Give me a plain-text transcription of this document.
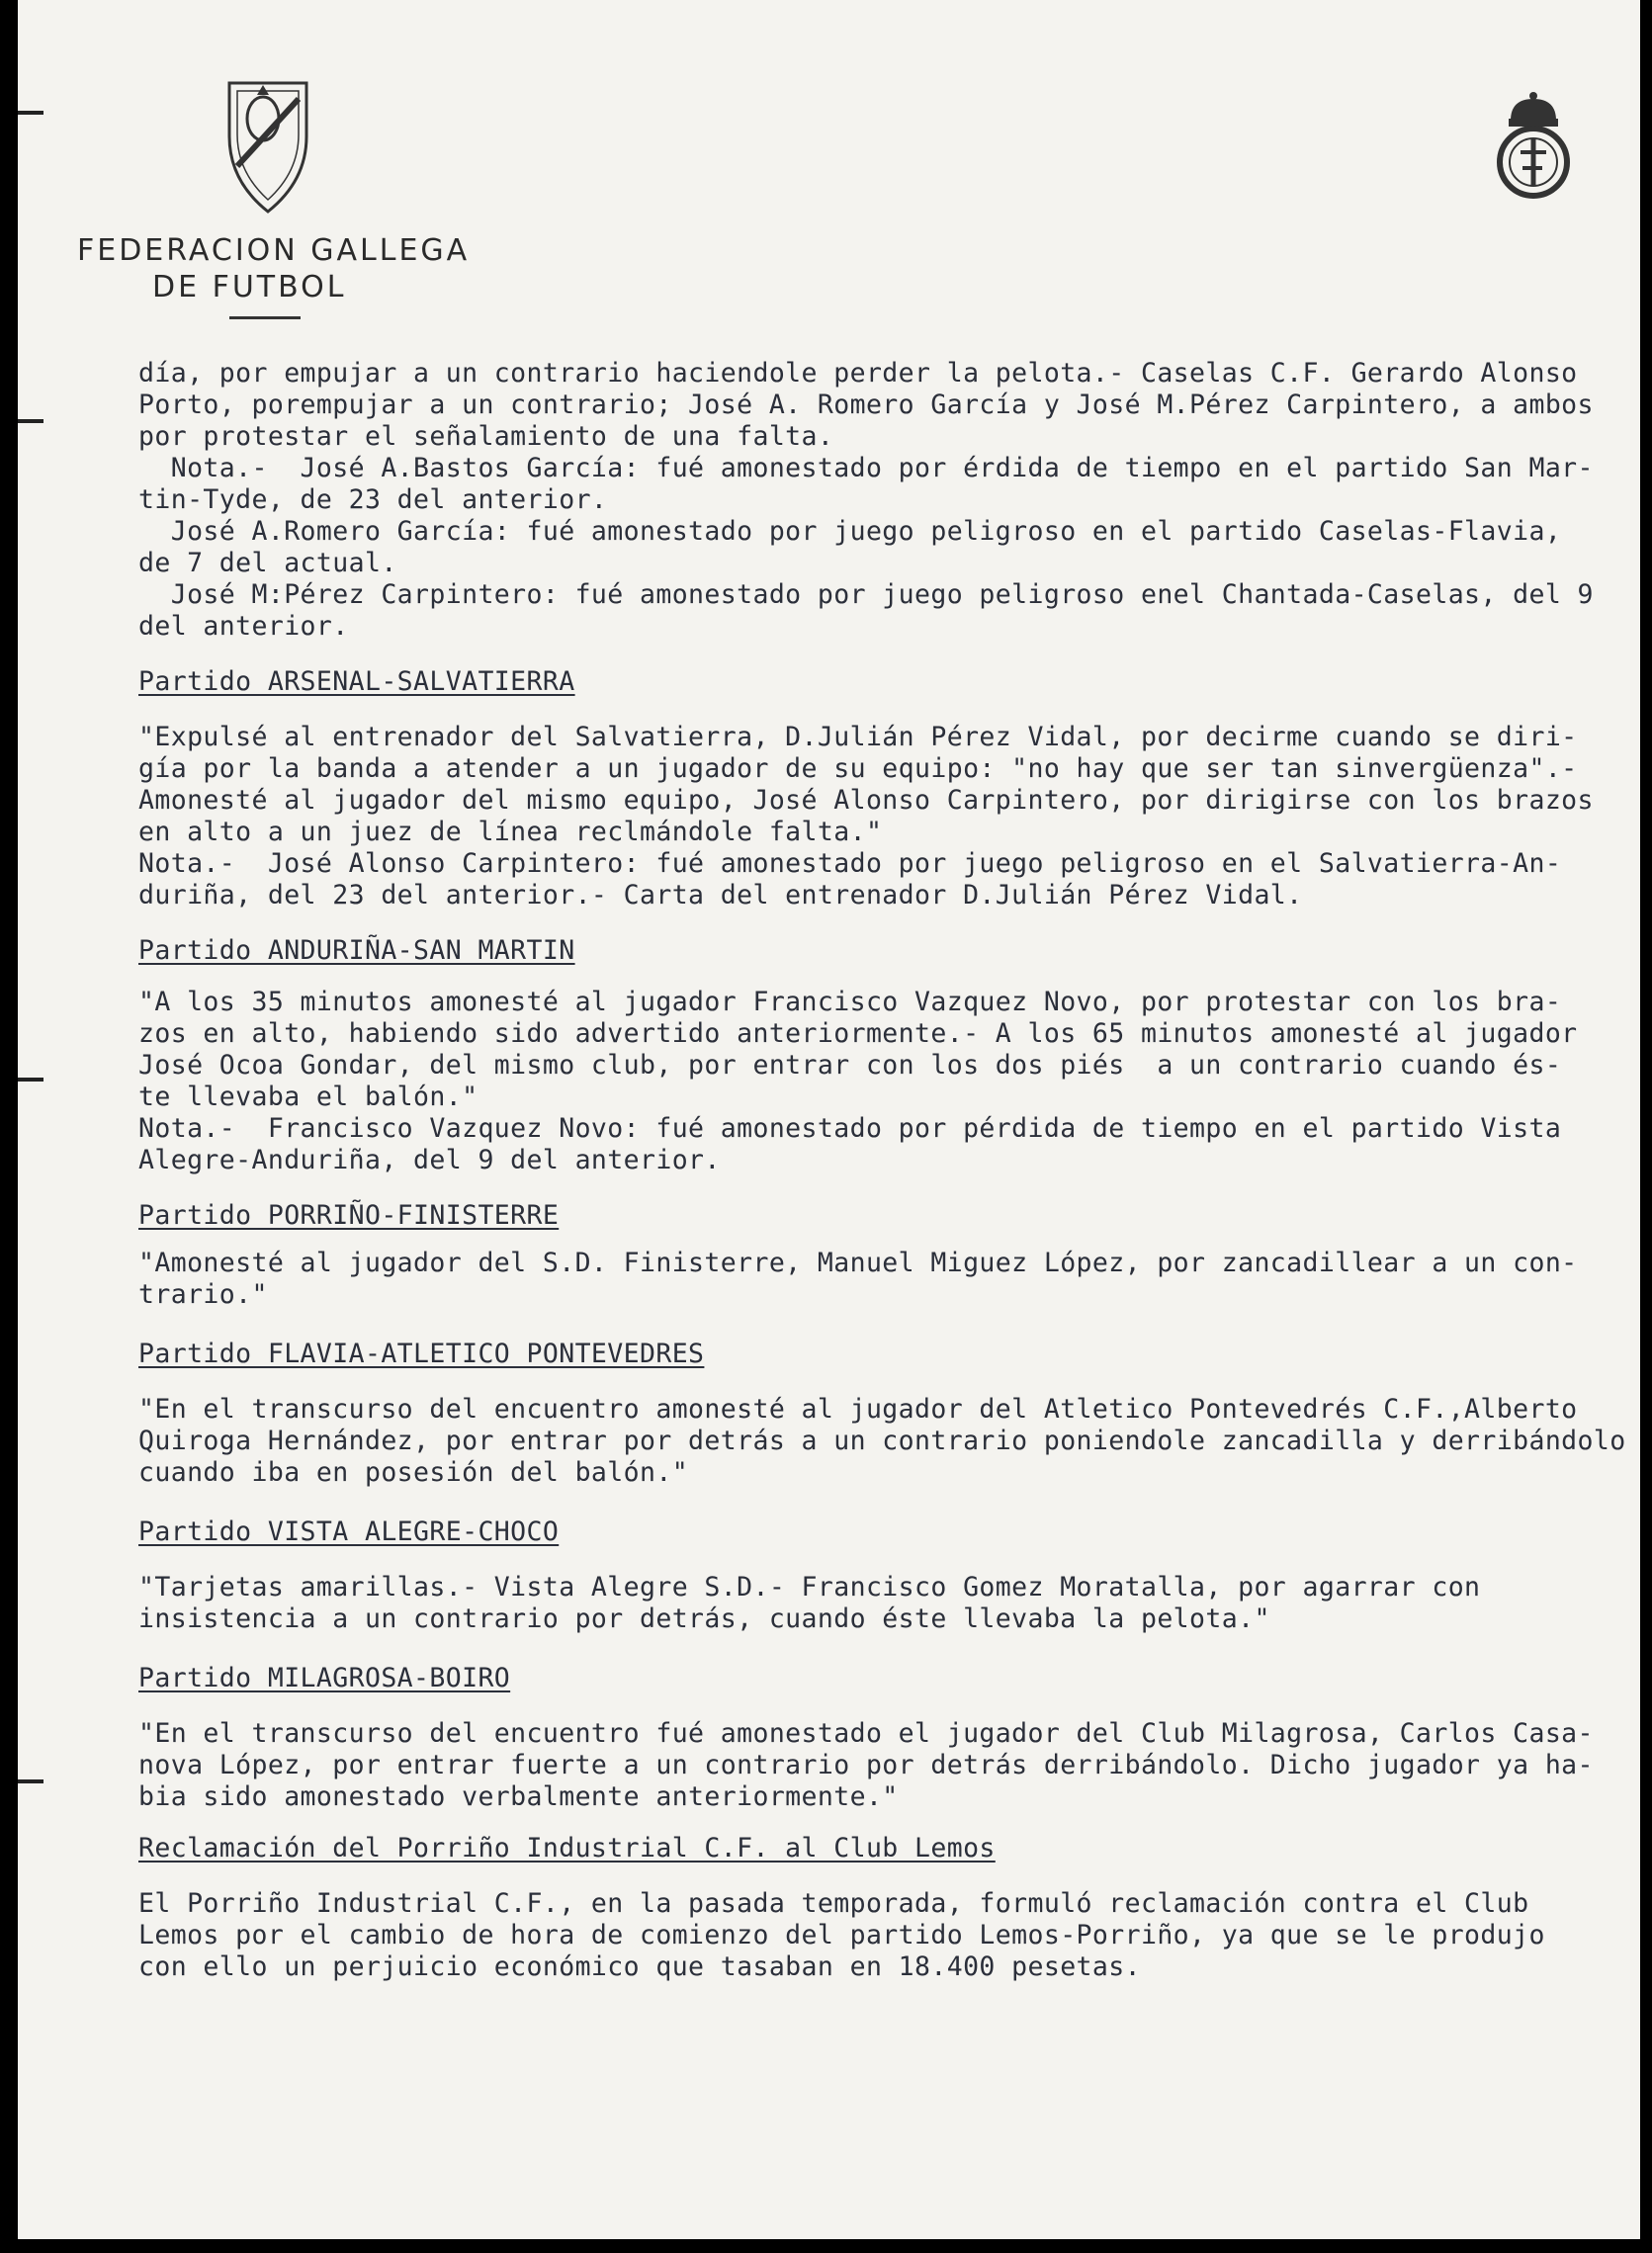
FEDERACION GALLEGA
DE FUTBOL

día, por empujar a un contrario haciendole perder la pelota.- Caselas C.F. Gerardo Alonso

Porto, porempujar a un contrario; José A. Romero García y José M.Pérez Carpintero, a ambos

por protestar el señalamiento de una falta.

Nota.-  José A.Bastos García: fué amonestado por érdida de tiempo en el partido San Mar-

tin-Tyde, de 23 del anterior.

José A.Romero García: fué amonestado por juego peligroso en el partido Caselas-Flavia,

de 7 del actual.

José M:Pérez Carpintero: fué amonestado por juego peligroso enel Chantada-Caselas, del 9

del anterior.

Partido ARSENAL-SALVATIERRA

"Expulsé al entrenador del Salvatierra, D.Julián Pérez Vidal, por decirme cuando se diri-

gía por la banda a atender a un jugador de su equipo: "no hay que ser tan sinvergüenza".-

Amonesté al jugador del mismo equipo, José Alonso Carpintero, por dirigirse con los brazos

en alto a un juez de línea reclmándole falta."

Nota.-  José Alonso Carpintero: fué amonestado por juego peligroso en el Salvatierra-An-

duriña, del 23 del anterior.- Carta del entrenador D.Julián Pérez Vidal.

Partido ANDURIÑA-SAN MARTIN

"A los 35 minutos amonesté al jugador Francisco Vazquez Novo, por protestar con los bra-

zos en alto, habiendo sido advertido anteriormente.- A los 65 minutos amonesté al jugador

José Ocoa Gondar, del mismo club, por entrar con los dos piés  a un contrario cuando és-

te llevaba el balón."

Nota.-  Francisco Vazquez Novo: fué amonestado por pérdida de tiempo en el partido Vista

Alegre-Anduriña, del 9 del anterior.

Partido PORRIÑO-FINISTERRE

"Amonesté al jugador del S.D. Finisterre, Manuel Miguez López, por zancadillear a un con-

trario."

Partido FLAVIA-ATLETICO PONTEVEDRES

"En el transcurso del encuentro amonesté al jugador del Atletico Pontevedrés C.F.,Alberto

Quiroga Hernández, por entrar por detrás a un contrario poniendole zancadilla y derribándolo

cuando iba en posesión del balón."

Partido VISTA ALEGRE-CHOCO

"Tarjetas amarillas.- Vista Alegre S.D.- Francisco Gomez Moratalla, por agarrar con

insistencia a un contrario por detrás, cuando éste llevaba la pelota."

Partido MILAGROSA-BOIRO

"En el transcurso del encuentro fué amonestado el jugador del Club Milagrosa, Carlos Casa-

nova López, por entrar fuerte a un contrario por detrás derribándolo. Dicho jugador ya ha-

bia sido amonestado verbalmente anteriormente."

Reclamación del Porriño Industrial C.F. al Club Lemos

El Porriño Industrial C.F., en la pasada temporada, formuló reclamación contra el Club

Lemos por el cambio de hora de comienzo del partido Lemos-Porriño, ya que se le produjo

con ello un perjuicio económico que tasaban en 18.400 pesetas.
